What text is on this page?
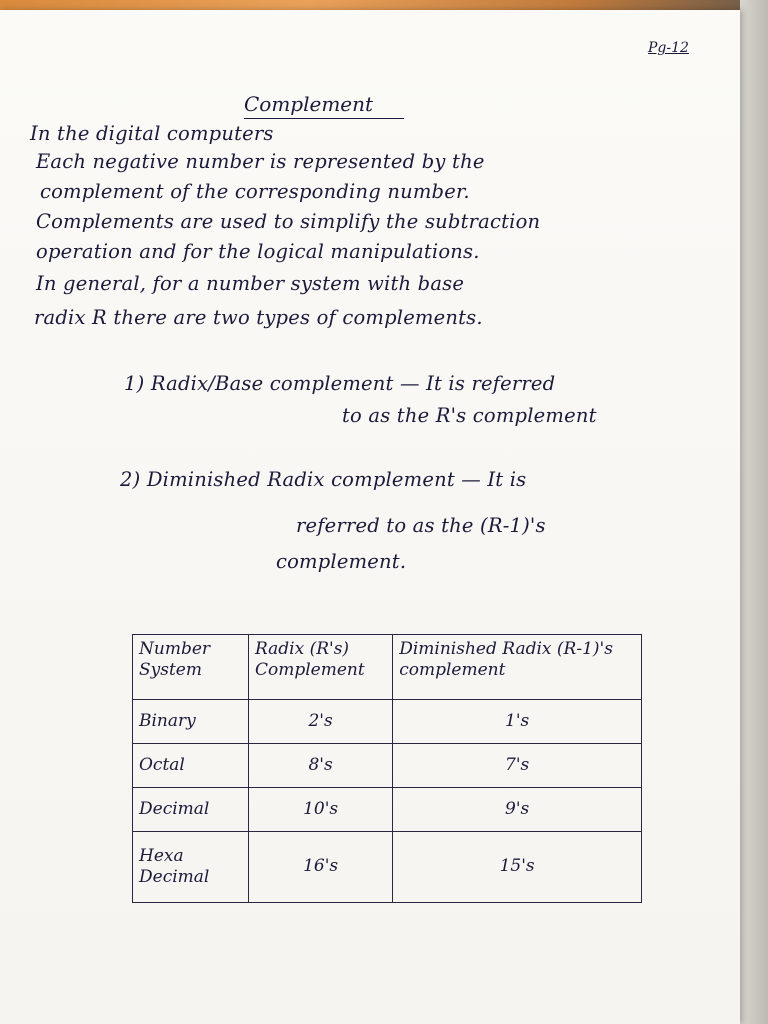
Pg-12
Complement
In the digital computers
Each negative number is represented by the
complement of the corresponding number.
Complements are used to simplify the subtraction
operation and for the logical manipulations.
In general, for a number system with base
radix R there are two types of complements.
1) Radix/Base complement — It is referred
to as the R's complement
2) Diminished Radix complement — It is
referred to as the (R-1)'s
complement.
Number System	Radix (R's) Complement	Diminished Radix (R-1)'s complement
Binary	2's	1's
Octal	8's	7's
Decimal	10's	9's
Hexa Decimal	16's	15's
